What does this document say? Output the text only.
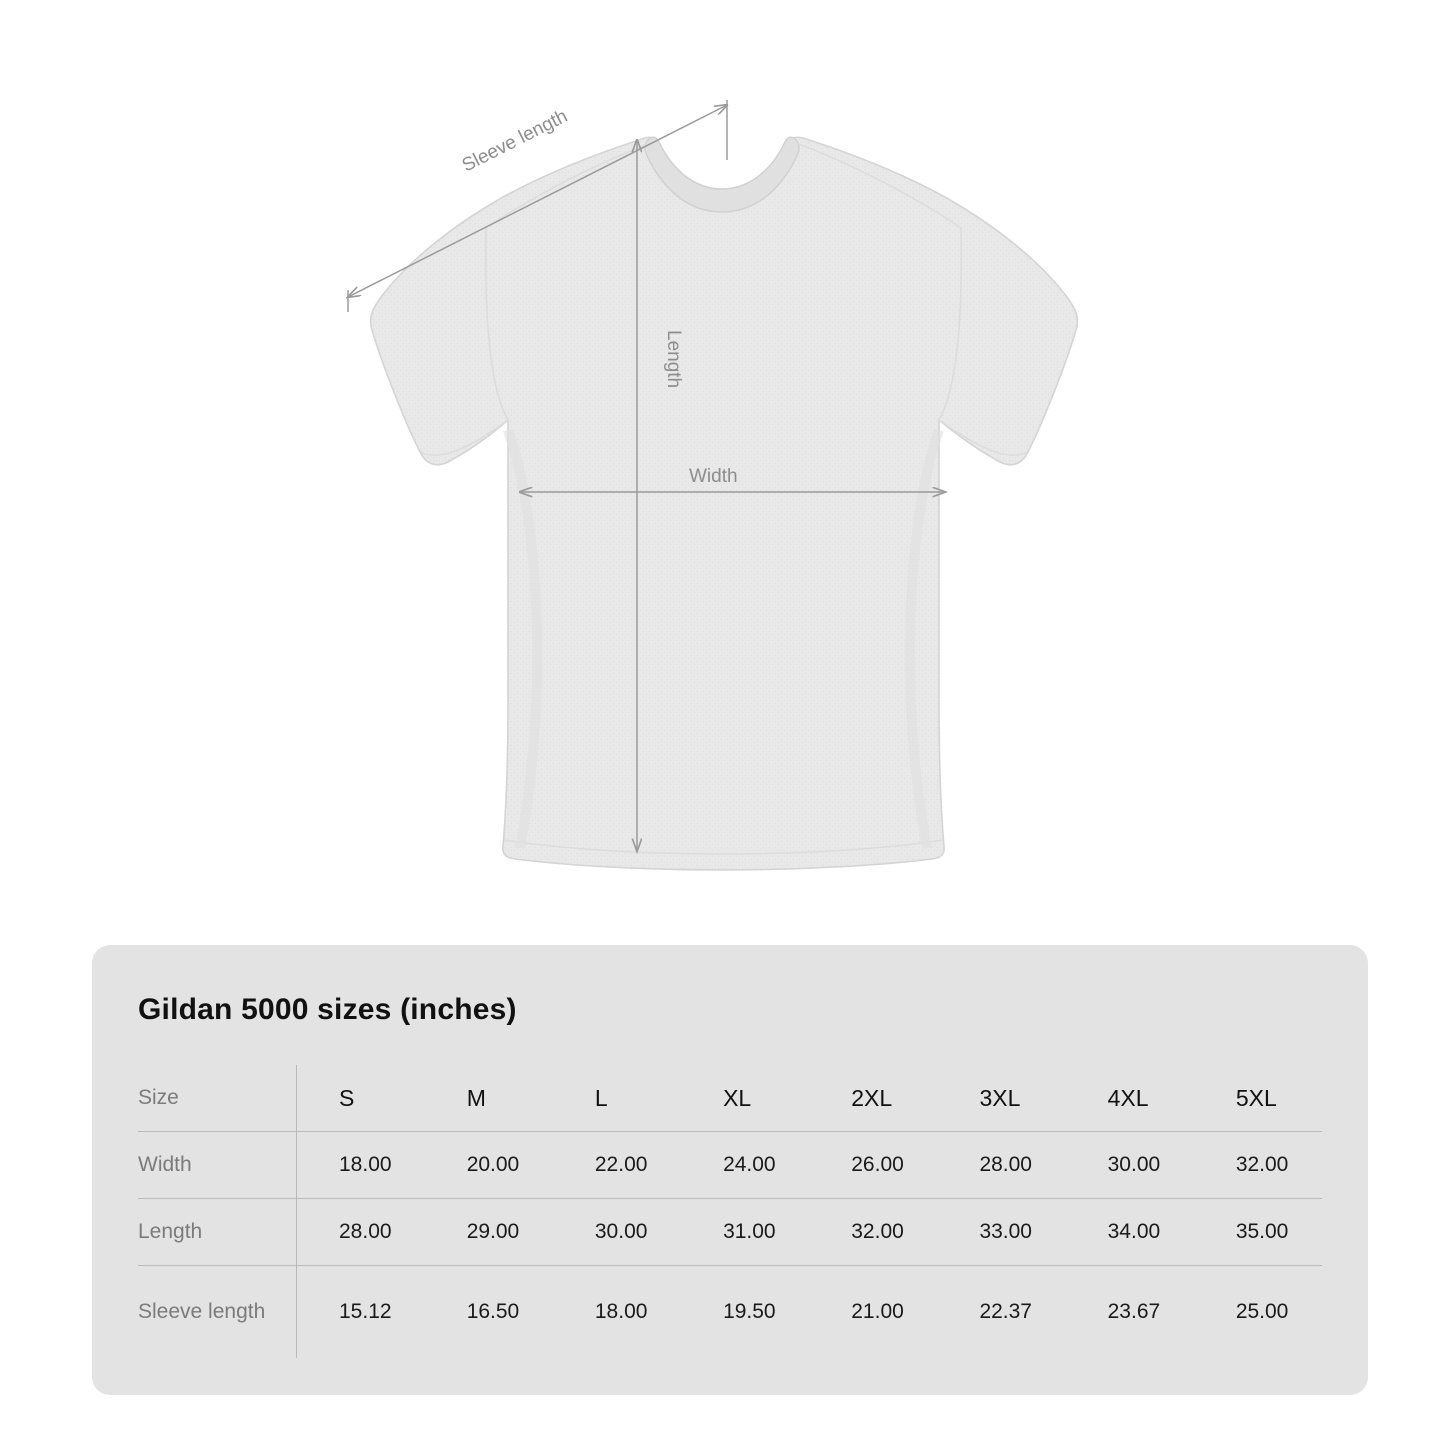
Sleeve length
Length
Width
Gildan 5000 sizes (inches)
Size	S	M	L	XL	2XL	3XL	4XL	5XL
Width	18.00	20.00	22.00	24.00	26.00	28.00	30.00	32.00
Length	28.00	29.00	30.00	31.00	32.00	33.00	34.00	35.00
Sleeve length	15.12	16.50	18.00	19.50	21.00	22.37	23.67	25.00
